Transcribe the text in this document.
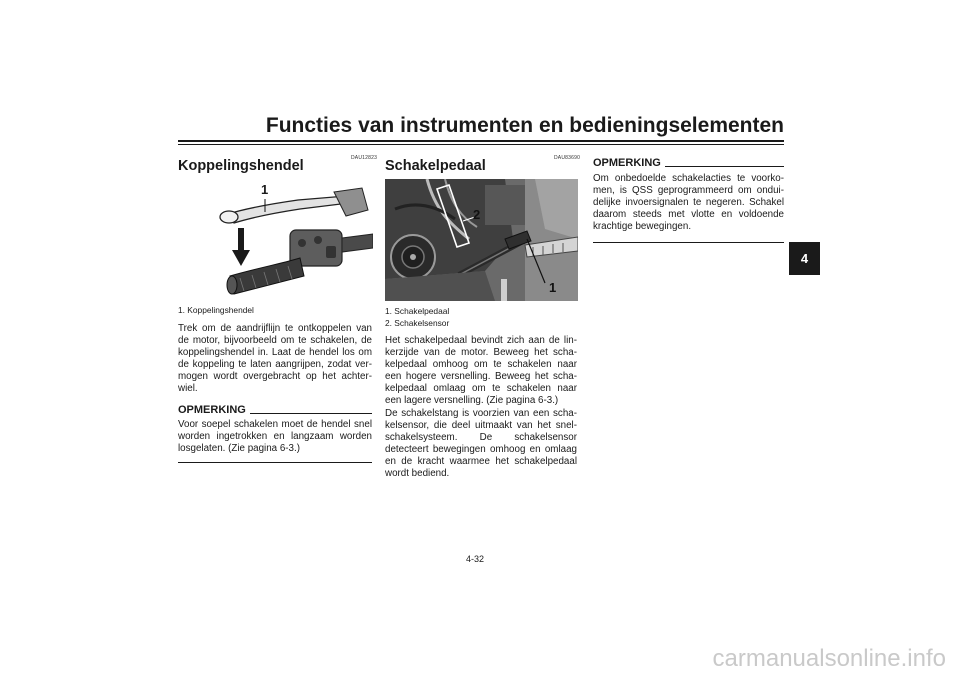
Functies van instrumenten en bedieningselementen
4
DAU12823
Koppelingshendel
1
1. Koppelingshendel
Trek om de aandrijflijn te ontkoppelen van de motor, bijvoorbeeld om te schakelen, de koppelingshendel in. Laat de hendel los om de koppeling te laten aangrijpen, zodat ver-mogen wordt overgebracht op het achter-wiel.
OPMERKING
Voor soepel schakelen moet de hendel snel worden ingetrokken en langzaam worden losgelaten. (Zie pagina 6-3.)
DAU83690
Schakelpedaal
2
1
1. Schakelpedaal
2. Schakelsensor
Het schakelpedaal bevindt zich aan de lin-kerzijde van de motor. Beweeg het scha-kelpedaal omhoog om te schakelen naar een hogere versnelling. Beweeg het scha-kelpedaal omlaag om te schakelen naar een lagere versnelling. (Zie pagina 6-3.)
De schakelstang is voorzien van een scha-kelsensor, die deel uitmaakt van het snel-schakelsysteem. De schakelsensor detecteert bewegingen omhoog en omlaag en de kracht waarmee het schakelpedaal wordt bediend.
OPMERKING
Om onbedoelde schakelacties te voorko-men, is QSS geprogrammeerd om ondui-delijke invoersignalen te negeren. Schakel daarom steeds met vlotte en voldoende krachtige bewegingen.
4-32
carmanualsonline.info
